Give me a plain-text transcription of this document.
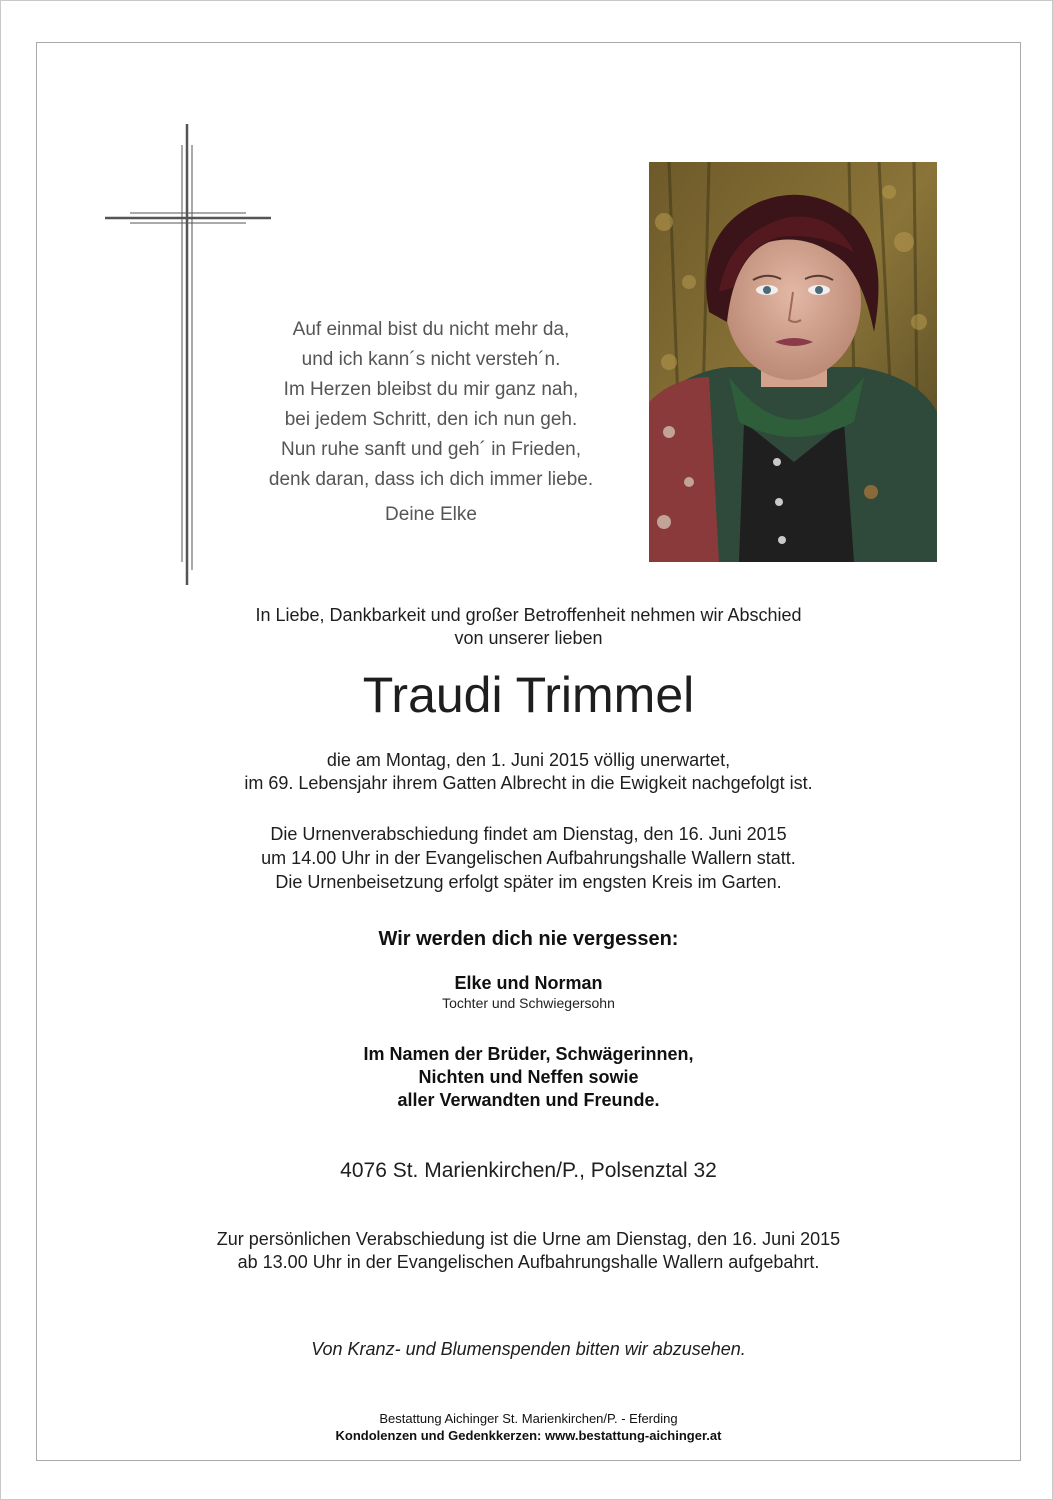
Auf einmal bist du nicht mehr da,
und ich kann´s nicht versteh´n.
Im Herzen bleibst du mir ganz nah,
bei jedem Schritt, den ich nun geh.
Nun ruhe sanft und geh´ in Frieden,
denk daran, dass ich dich immer liebe.
Deine Elke
In Liebe, Dankbarkeit und großer Betroffenheit nehmen wir Abschied
von unserer lieben
Traudi Trimmel
die am Montag, den 1. Juni 2015 völlig unerwartet,
im 69. Lebensjahr ihrem Gatten Albrecht in die Ewigkeit nachgefolgt ist.
Die Urnenverabschiedung findet am Dienstag, den 16. Juni 2015
um 14.00 Uhr in der Evangelischen Aufbahrungshalle Wallern statt.
Die Urnenbeisetzung erfolgt später im engsten Kreis im Garten.
Wir werden dich nie vergessen:
Elke und Norman
Tochter und Schwiegersohn
Im Namen der Brüder, Schwägerinnen,
Nichten und Neffen sowie
aller Verwandten und Freunde.
4076 St. Marienkirchen/P., Polsenztal 32
Zur persönlichen Verabschiedung ist die Urne am Dienstag, den 16. Juni 2015
ab 13.00 Uhr in der Evangelischen Aufbahrungshalle Wallern aufgebahrt.
Von Kranz- und Blumenspenden bitten wir abzusehen.
Bestattung Aichinger St. Marienkirchen/P. - Eferding
Kondolenzen und Gedenkkerzen: www.bestattung-aichinger.at
